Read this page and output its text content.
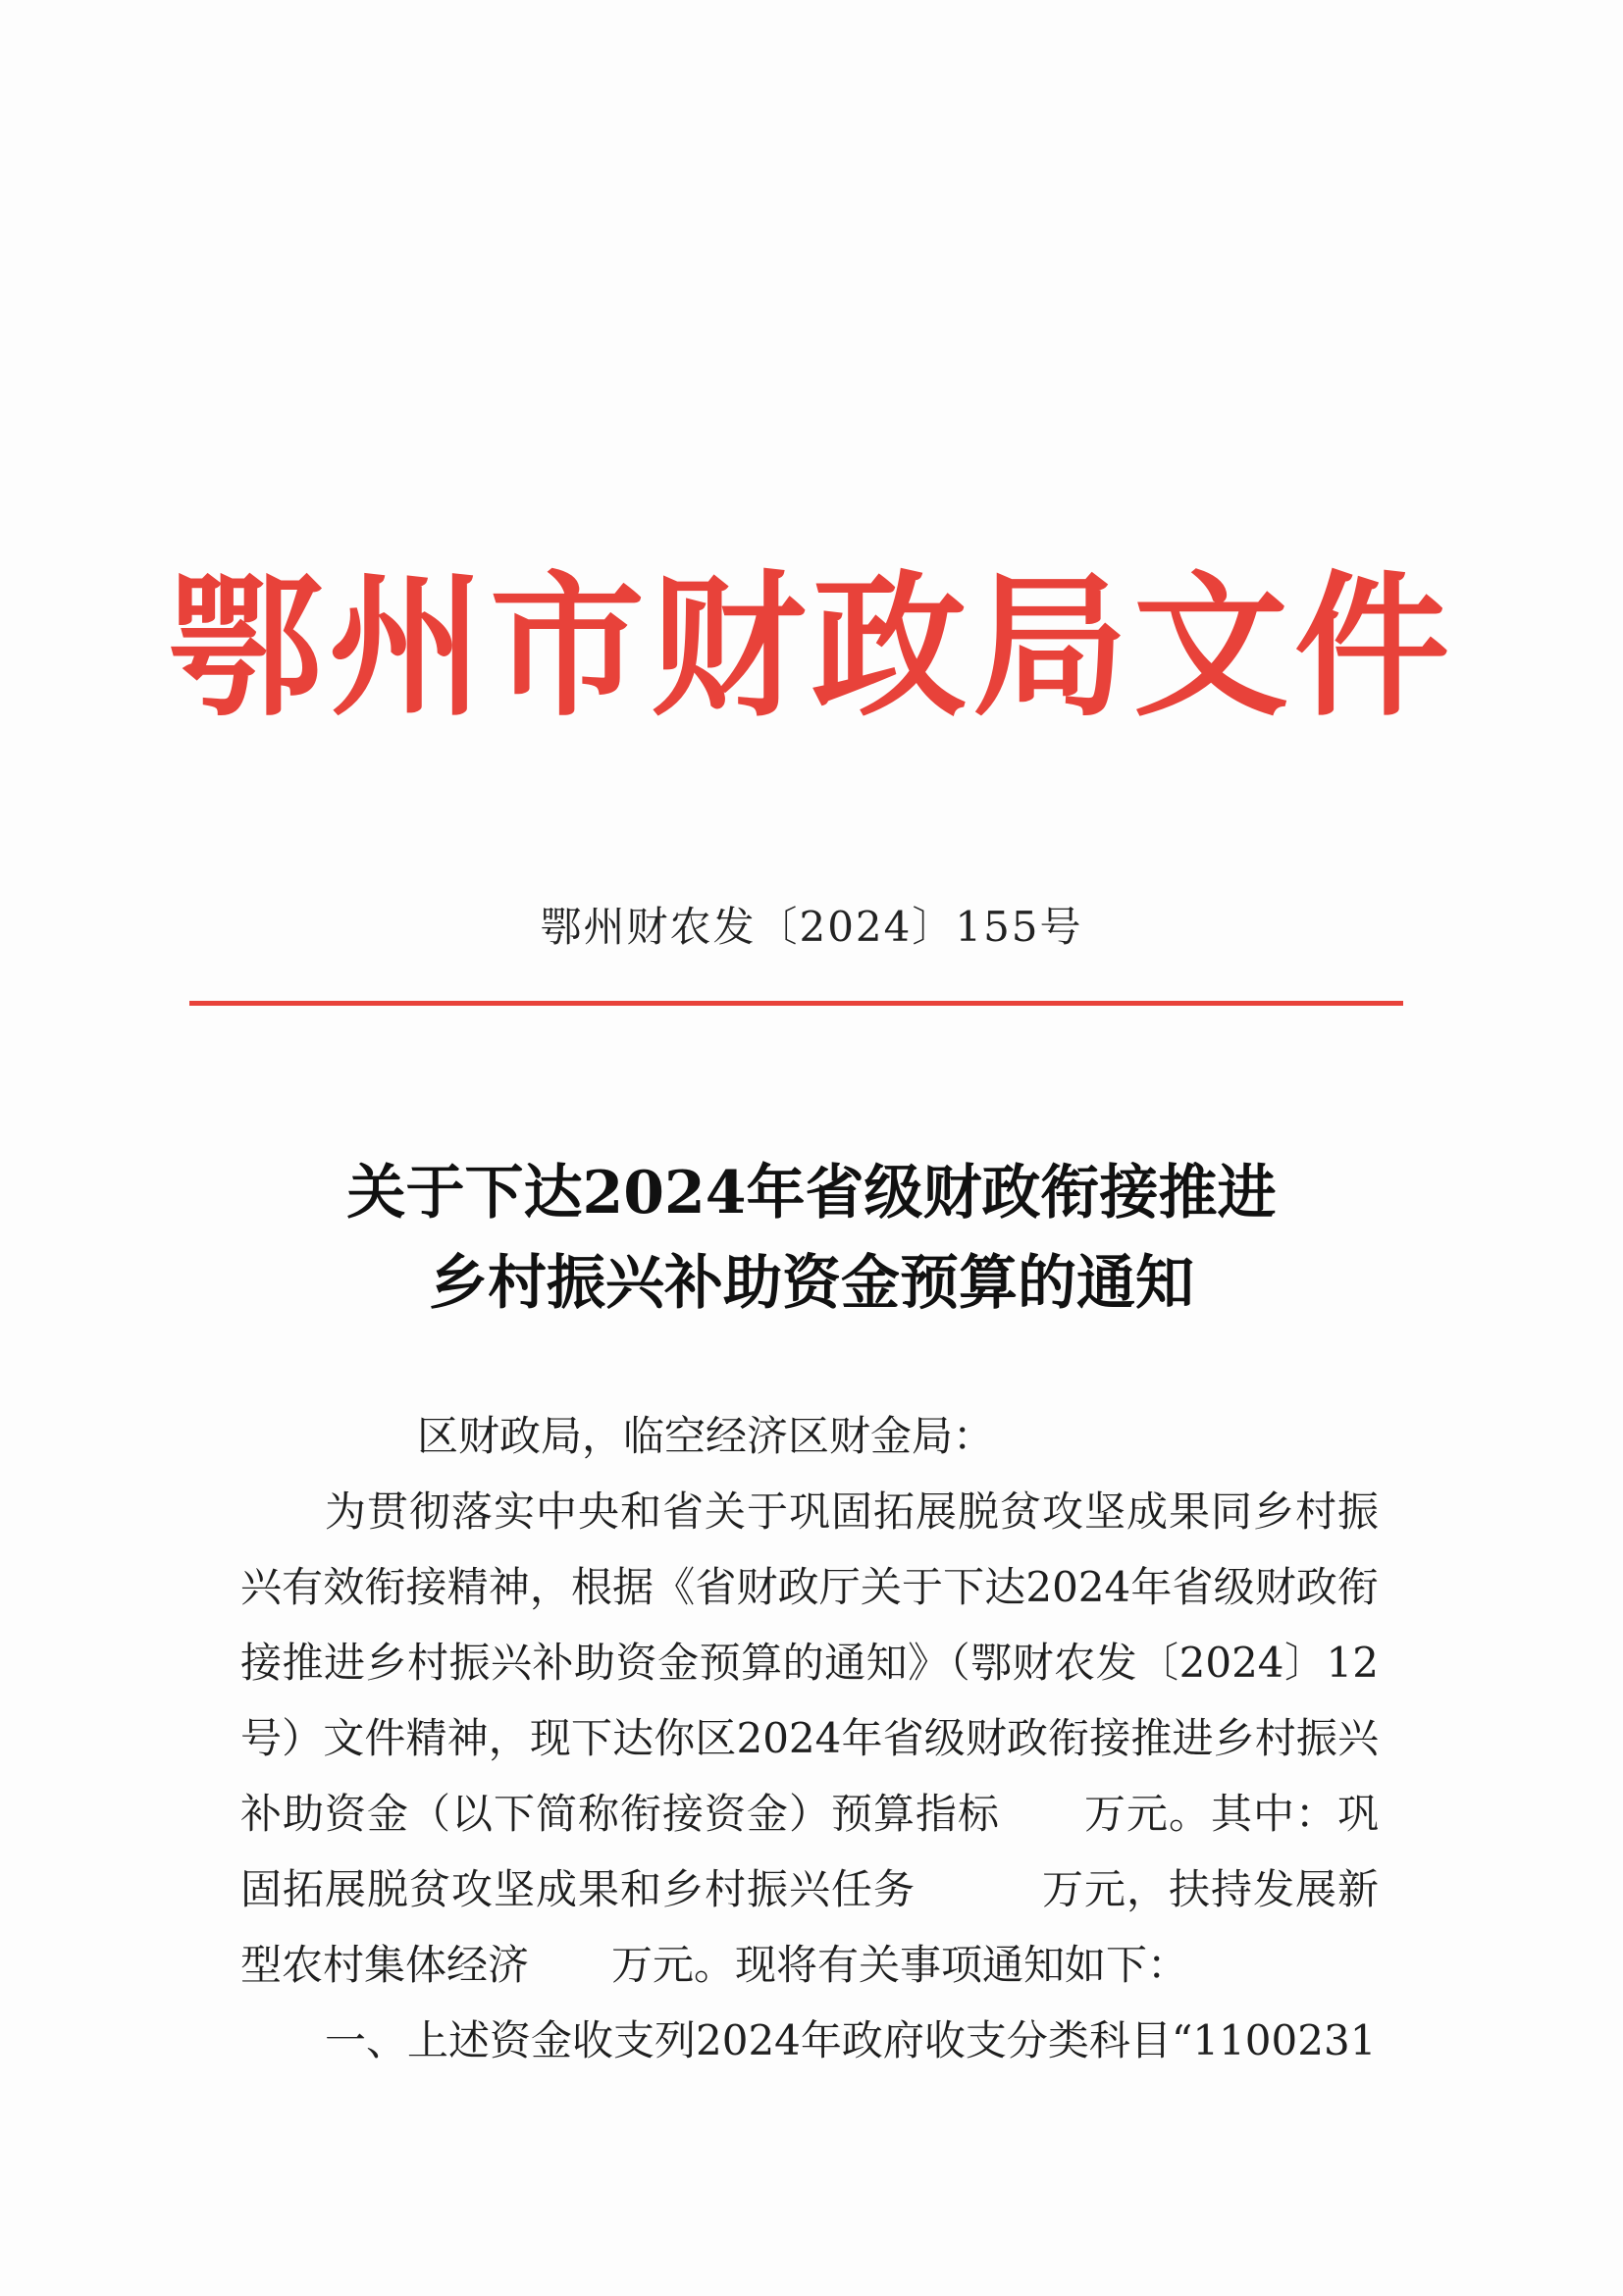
鄂州市财政局文件
鄂州财农发〔2024〕155号
关于下达2024年省级财政衔接推进
乡村振兴补助资金预算的通知

区财政局，临空经济区财金局：

为贯彻落实中央和省关于巩固拓展脱贫攻坚成果同乡村振兴有效衔接精神，根据《省财政厅关于下达2024年省级财政衔接推进乡村振兴补助资金预算的通知》（鄂财农发〔2024〕12号）文件精神，现下达你区2024年省级财政衔接推进乡村振兴补助资金（以下简称衔接资金）预算指标　　万元。其中：巩固拓展脱贫攻坚成果和乡村振兴任务　　　万元，扶持发展新型农村集体经济　　万元。现将有关事项通知如下：

一、上述资金收支列2024年政府收支分类科目“1100231
